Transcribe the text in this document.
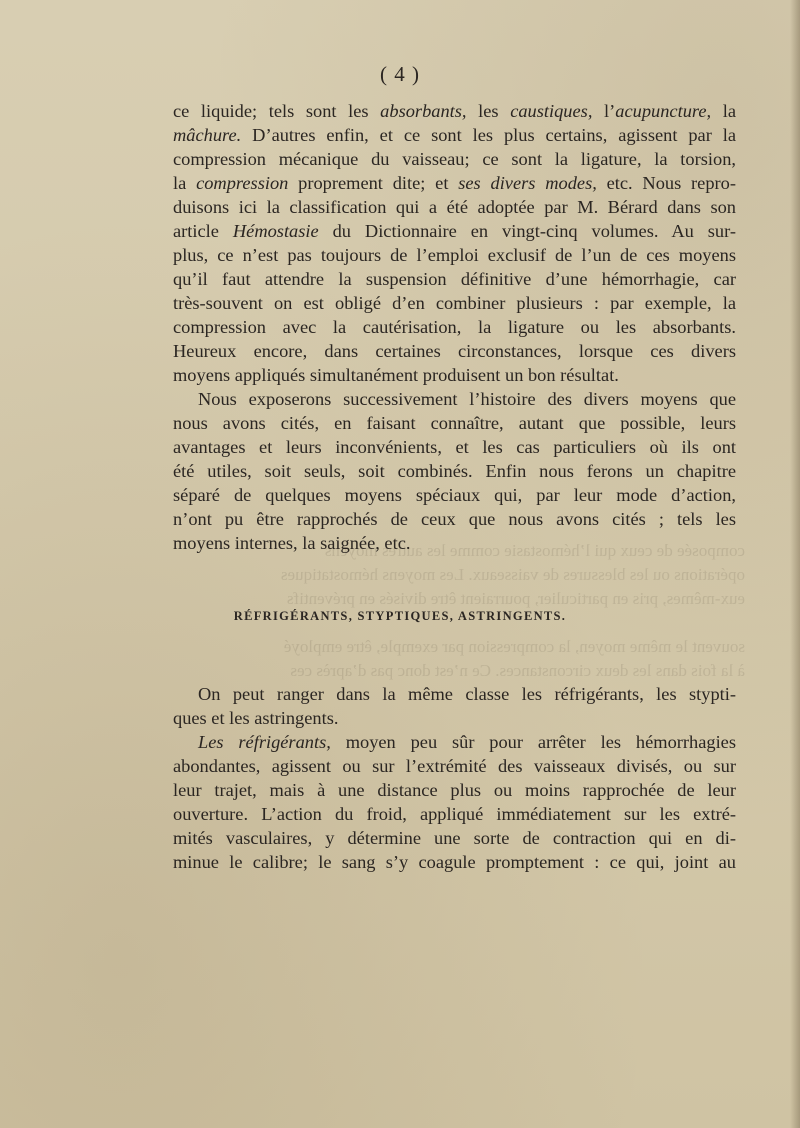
composée de ceux qui l’hémostasie comme les autres moyens
opérations ou les blessures de vaisseaux. Les moyens hémostatiques
eux-mêmes, pris en particulier, pourraient être divisés en préventifs
souvent le même moyen, la compression par exemple, être employé
à la fois dans les deux circonstances. Ce n’est donc pas d’après ces
( 4 )
ce liquide; tels sont les absorbants, les caustiques, l’acupuncture, la
mâchure. D’autres enfin, et ce sont les plus certains, agissent par la
compression mécanique du vaisseau; ce sont la ligature, la torsion,
la compression proprement dite; et ses divers modes, etc. Nous repro-
duisons ici la classification qui a été adoptée par M. Bérard dans son
article Hémostasie du Dictionnaire en vingt-cinq volumes. Au sur-
plus, ce n’est pas toujours de l’emploi exclusif de l’un de ces moyens
qu’il faut attendre la suspension définitive d’une hémorrhagie, car
très-souvent on est obligé d’en combiner plusieurs : par exemple, la
compression avec la cautérisation, la ligature ou les absorbants.
Heureux encore, dans certaines circonstances, lorsque ces divers
moyens appliqués simultanément produisent un bon résultat.
Nous exposerons successivement l’histoire des divers moyens que
nous avons cités, en faisant connaître, autant que possible, leurs
avantages et leurs inconvénients, et les cas particuliers où ils ont
été utiles, soit seuls, soit combinés. Enfin nous ferons un chapitre
séparé de quelques moyens spéciaux qui, par leur mode d’action,
n’ont pu être rapprochés de ceux que nous avons cités ; tels les
moyens internes, la saignée, etc.
RÉFRIGÉRANTS, STYPTIQUES, ASTRINGENTS.
On peut ranger dans la même classe les réfrigérants, les stypti-
ques et les astringents.
Les réfrigérants, moyen peu sûr pour arrêter les hémorrhagies
abondantes, agissent ou sur l’extrémité des vaisseaux divisés, ou sur
leur trajet, mais à une distance plus ou moins rapprochée de leur
ouverture. L’action du froid, appliqué immédiatement sur les extré-
mités vasculaires, y détermine une sorte de contraction qui en di-
minue le calibre; le sang s’y coagule promptement : ce qui, joint au
